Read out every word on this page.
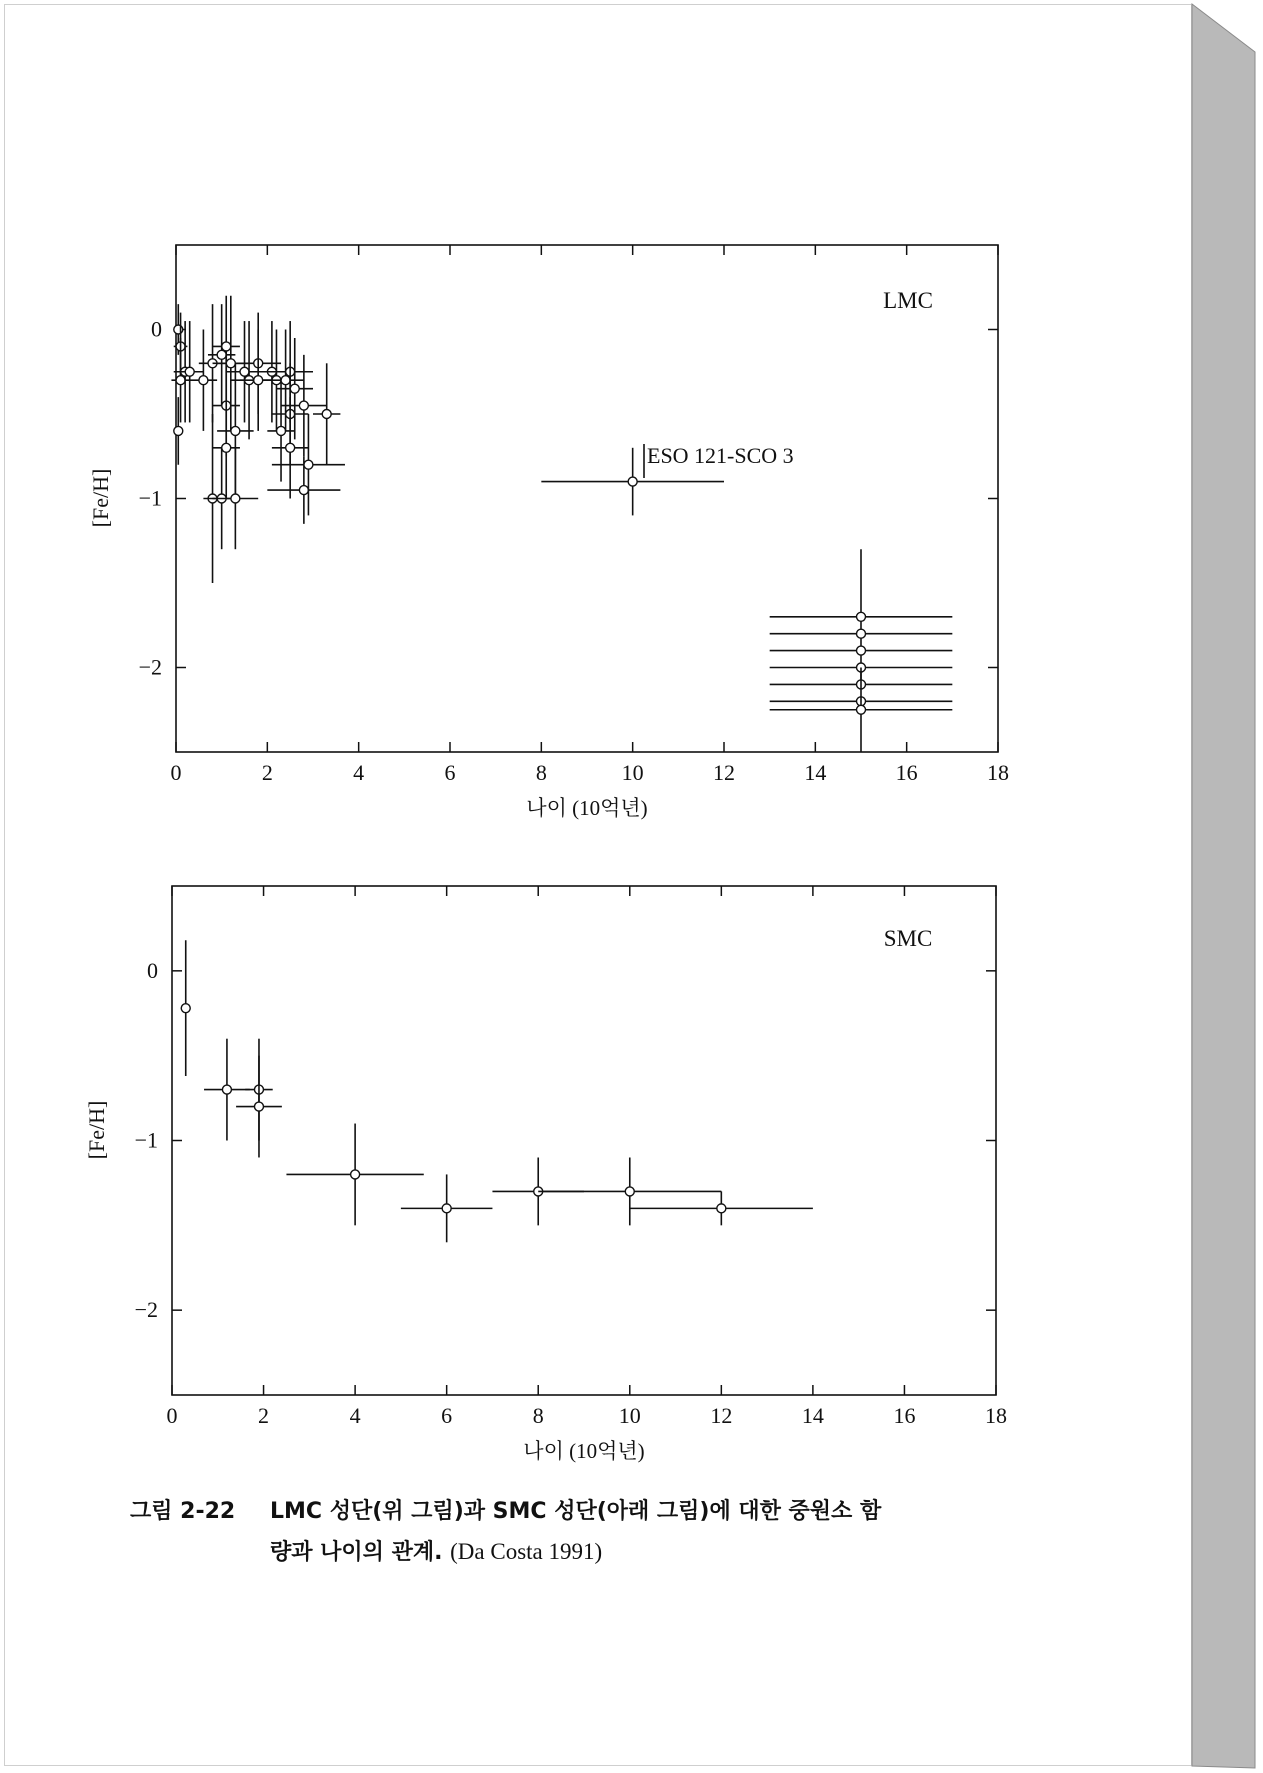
0	2	4	6	8	10	12	14	16	18
0
−1
−2
나이 (10억년)
[Fe/H]
LMC
ESO 121-SCO 3
0	2	4	6	8	10	12	14	16	18
0
−1
−2
나이 (10억년)
[Fe/H]
SMC
그림 2-22 LMC 성단(위 그림)과 SMC 성단(아래 그림)에 대한 중원소 함
량과 나이의 관계. (Da Costa 1991)
